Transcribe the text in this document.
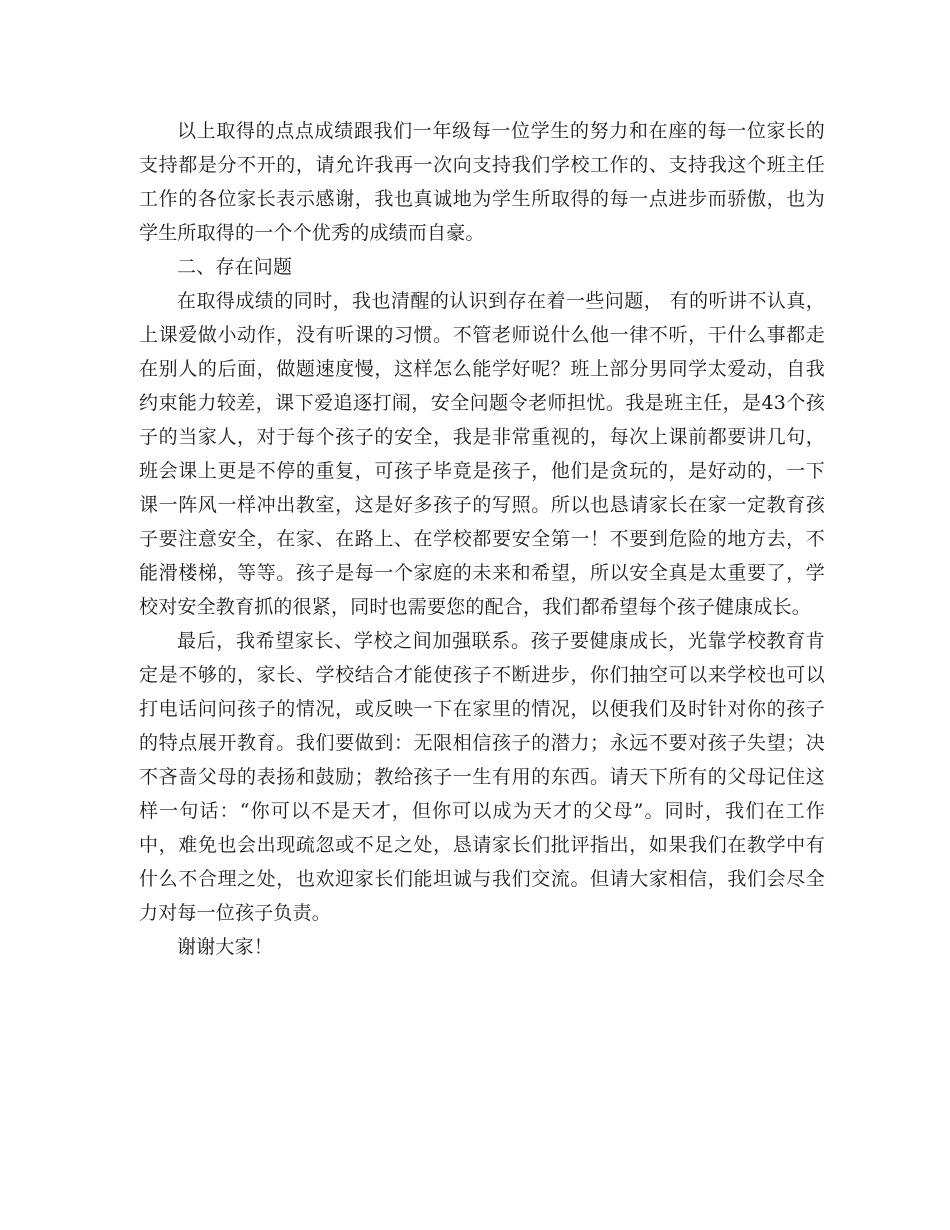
以上取得的点点成绩跟我们一年级每一位学生的努力和在座的每一位家长的支持都是分不开的，请允许我再一次向支持我们学校工作的、支持我这个班主任工作的各位家长表示感谢，我也真诚地为学生所取得的每一点进步而骄傲，也为学生所取得的一个个优秀的成绩而自豪。

二、存在问题

在取得成绩的同时，我也清醒的认识到存在着一些问题， 有的听讲不认真，上课爱做小动作，没有听课的习惯。不管老师说什么他一律不听，干什么事都走在别人的后面，做题速度慢，这样怎么能学好呢？班上部分男同学太爱动，自我约束能力较差，课下爱追逐打闹，安全问题令老师担忧。我是班主任，是43个孩子的当家人，对于每个孩子的安全，我是非常重视的，每次上课前都要讲几句，班会课上更是不停的重复，可孩子毕竟是孩子，他们是贪玩的，是好动的，一下课一阵风一样冲出教室，这是好多孩子的写照。所以也恳请家长在家一定教育孩子要注意安全，在家、在路上、在学校都要安全第一！不要到危险的地方去，不能滑楼梯，等等。孩子是每一个家庭的未来和希望，所以安全真是太重要了，学校对安全教育抓的很紧，同时也需要您的配合，我们都希望每个孩子健康成长。

最后，我希望家长、学校之间加强联系。孩子要健康成长，光靠学校教育肯定是不够的，家长、学校结合才能使孩子不断进步，你们抽空可以来学校也可以打电话问问孩子的情况，或反映一下在家里的情况，以便我们及时针对你的孩子的特点展开教育。我们要做到：无限相信孩子的潜力；永远不要对孩子失望；决不吝啬父母的表扬和鼓励；教给孩子一生有用的东西。请天下所有的父母记住这样一句话：“你可以不是天才，但你可以成为天才的父母”。同时，我们在工作中，难免也会出现疏忽或不足之处，恳请家长们批评指出，如果我们在教学中有什么不合理之处，也欢迎家长们能坦诚与我们交流。但请大家相信，我们会尽全力对每一位孩子负责。

谢谢大家！
